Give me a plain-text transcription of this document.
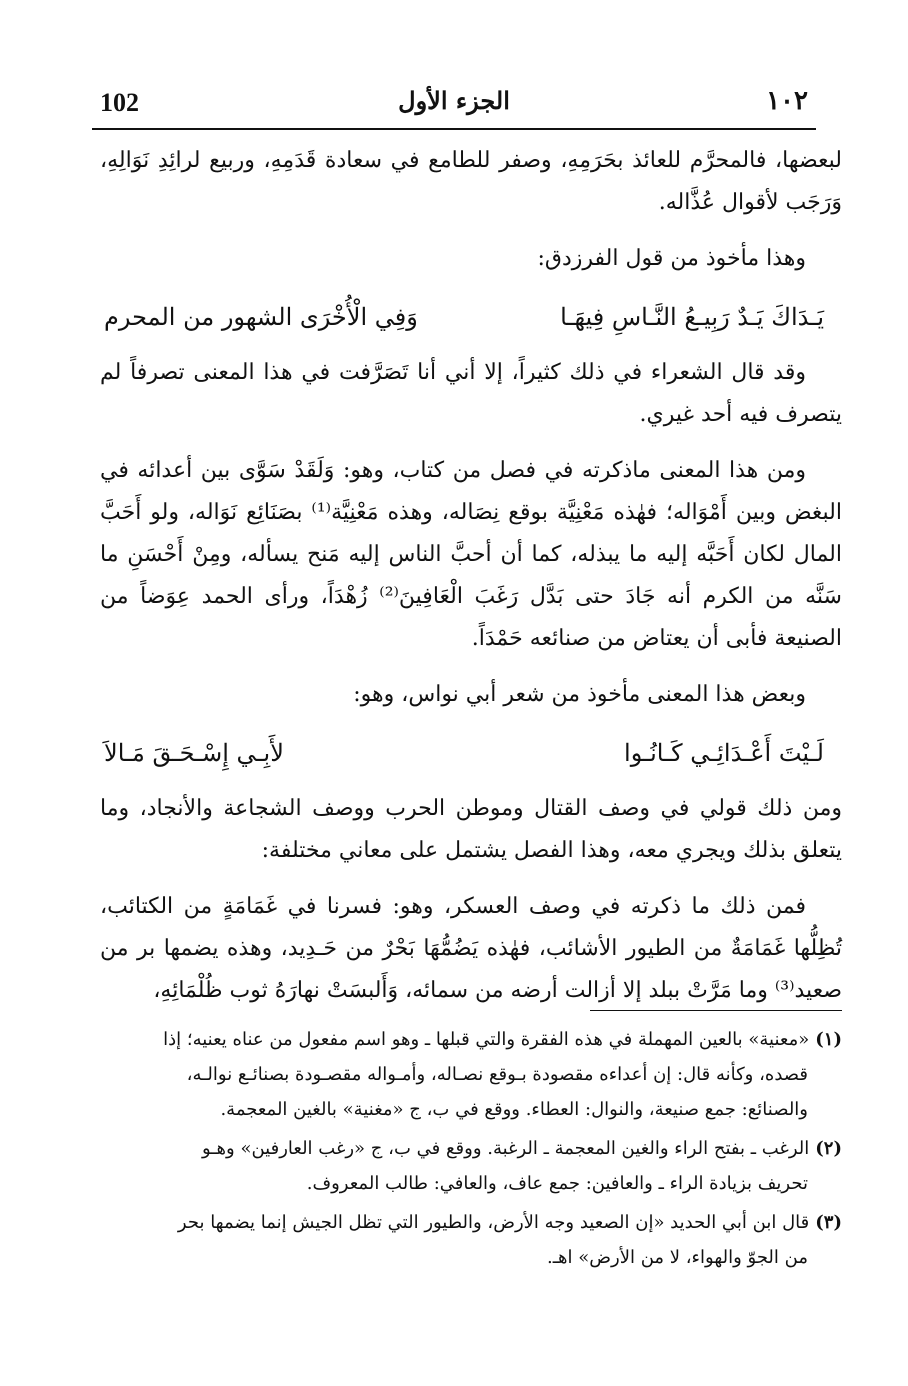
102	الجزء الأول	١٠٢

لبعضها، فالمحرَّم للعائذ بحَرَمِهِ، وصفر للطامع في سعادة قَدَمِهِ، وربيع لرائِدِ نَوَالِهِ، وَرَجَب لأقوال عُذَّاله.

وهذا مأخوذ من قول الفرزدق:

يَـدَاكَ يَـدٌ رَبِيـعُ النَّـاسِ فِيهَـا
وَفِي الْأُخْرَى الشهور من المحرم

وقد قال الشعراء في ذلك كثيراً، إلا أني أنا تَصَرَّفت في هذا المعنى تصرفاً لم يتصرف فيه أحد غيري.

ومن هذا المعنى ماذكرته في فصل من كتاب، وهو: وَلَقَدْ سَوَّى بين أعدائه في البغض وبين أَمْوَاله؛ فهٰذه مَعْنِيَّة بوقع نِصَاله، وهذه مَعْنِيَّة⁽¹⁾ بصَنَائِع نَوَاله، ولو أَحَبَّ المال لكان أَحَبَّه إليه ما يبذله، كما أن أحبَّ الناس إليه مَنح يسأله، ومِنْ أَحْسَنِ ما سَنَّه من الكرم أنه جَادَ حتى بَدَّل رَغَبَ الْعَافِينَ⁽²⁾ زُهْدَاً، ورأى الحمد عِوَضاً من الصنيعة فأبى أن يعتاض من صنائعه حَمْدَاً.

وبعض هذا المعنى مأخوذ من شعر أبي نواس، وهو:

لَـيْتَ أَعْـدَائِـي كَـانُـوا
لأَبِـي إِسْـحَـقَ مَـالاَ

ومن ذلك قولي في وصف القتال وموطن الحرب ووصف الشجاعة والأنجاد، وما يتعلق بذلك ويجري معه، وهذا الفصل يشتمل على معاني مختلفة:

فمن ذلك ما ذكرته في وصف العسكر، وهو: فسرنا في غَمَامَةٍ من الكتائب، تُظِلُّها غَمَامَةٌ من الطيور الأشائب، فهٰذه يَضُمُّهَا بَحْرٌ من حَـدِيد، وهذه يضمها بر من صعيد⁽³⁾ وما مَرَّتْ ببلد إلا أزالت أرضه من سمائه، وَأَلبسَتْ نهارَهُ ثوب ظُلْمَائِهِ،

(١)«معنية» بالعين المهملة في هذه الفقرة والتي قبلها ـ وهو اسم مفعول من عناه يعنيه؛ إذا
قصده، وكأنه قال: إن أعداءه مقصودة بـوقع نصـاله، وأمـواله مقصـودة بصنائـع نوالـه،
والصنائع: جمع صنيعة، والنوال: العطاء. ووقع في ب، ج «مغنية» بالغين المعجمة.
(٢)الرغب ـ بفتح الراء والغين المعجمة ـ الرغبة. ووقع في ب، ج «رغب العارفين» وهـو
تحريف بزيادة الراء ـ والعافين: جمع عاف، والعافي: طالب المعروف.
(٣)قال ابن أبي الحديد «إن الصعيد وجه الأرض، والطيور التي تظل الجيش إنما يضمها بحر
من الجوّ والهواء، لا من الأرض» اهـ.
